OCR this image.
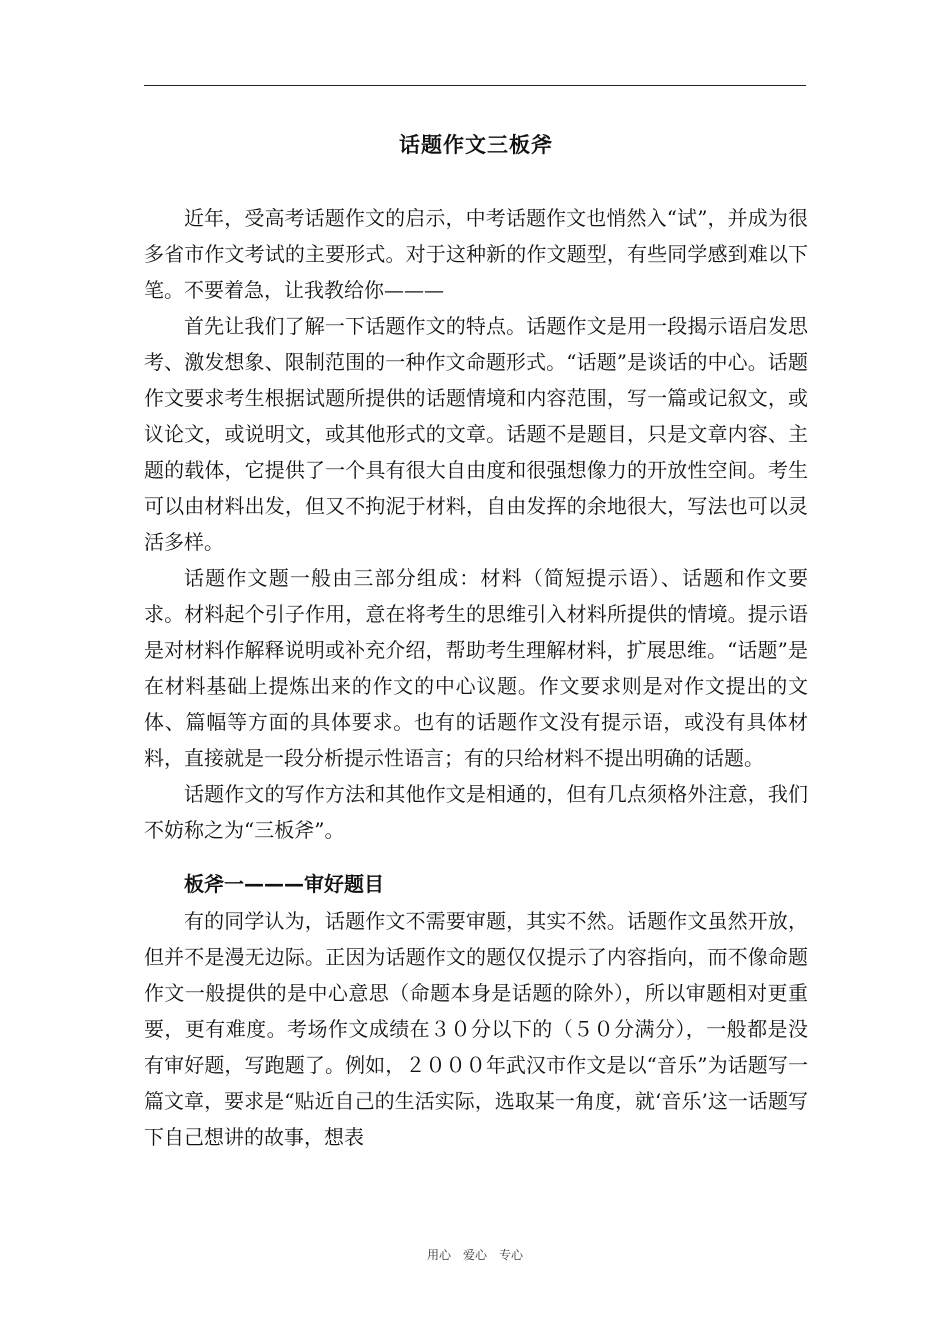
话题作文三板斧

近年，受高考话题作文的启示，中考话题作文也悄然入“试”，并成为很多省市作文考试的主要形式。对于这种新的作文题型，有些同学感到难以下笔。不要着急，让我教给你———

首先让我们了解一下话题作文的特点。话题作文是用一段揭示语启发思考、激发想象、限制范围的一种作文命题形式。“话题”是谈话的中心。话题作文要求考生根据试题所提供的话题情境和内容范围，写一篇或记叙文，或议论文，或说明文，或其他形式的文章。话题不是题目，只是文章内容、主题的载体，它提供了一个具有很大自由度和很强想像力的开放性空间。考生可以由材料出发，但又不拘泥于材料，自由发挥的余地很大，写法也可以灵活多样。

话题作文题一般由三部分组成：材料（简短提示语）、话题和作文要求。材料起个引子作用，意在将考生的思维引入材料所提供的情境。提示语是对材料作解释说明或补充介绍，帮助考生理解材料，扩展思维。“话题”是在材料基础上提炼出来的作文的中心议题。作文要求则是对作文提出的文体、篇幅等方面的具体要求。也有的话题作文没有提示语，或没有具体材料，直接就是一段分析提示性语言；有的只给材料不提出明确的话题。

话题作文的写作方法和其他作文是相通的，但有几点须格外注意，我们不妨称之为“三板斧”。

板斧一———审好题目

有的同学认为，话题作文不需要审题，其实不然。话题作文虽然开放，但并不是漫无边际。正因为话题作文的题仅仅提示了内容指向，而不像命题作文一般提供的是中心意思（命题本身是话题的除外），所以审题相对更重要，更有难度。考场作文成绩在３０分以下的（５０分满分），一般都是没有审好题，写跑题了。例如，２０００年武汉市作文是以“音乐”为话题写一篇文章，要求是“贴近自己的生活实际，选取某一角度，就‘音乐’这一话题写下自己想讲的故事，想表

用心　爱心　专心
